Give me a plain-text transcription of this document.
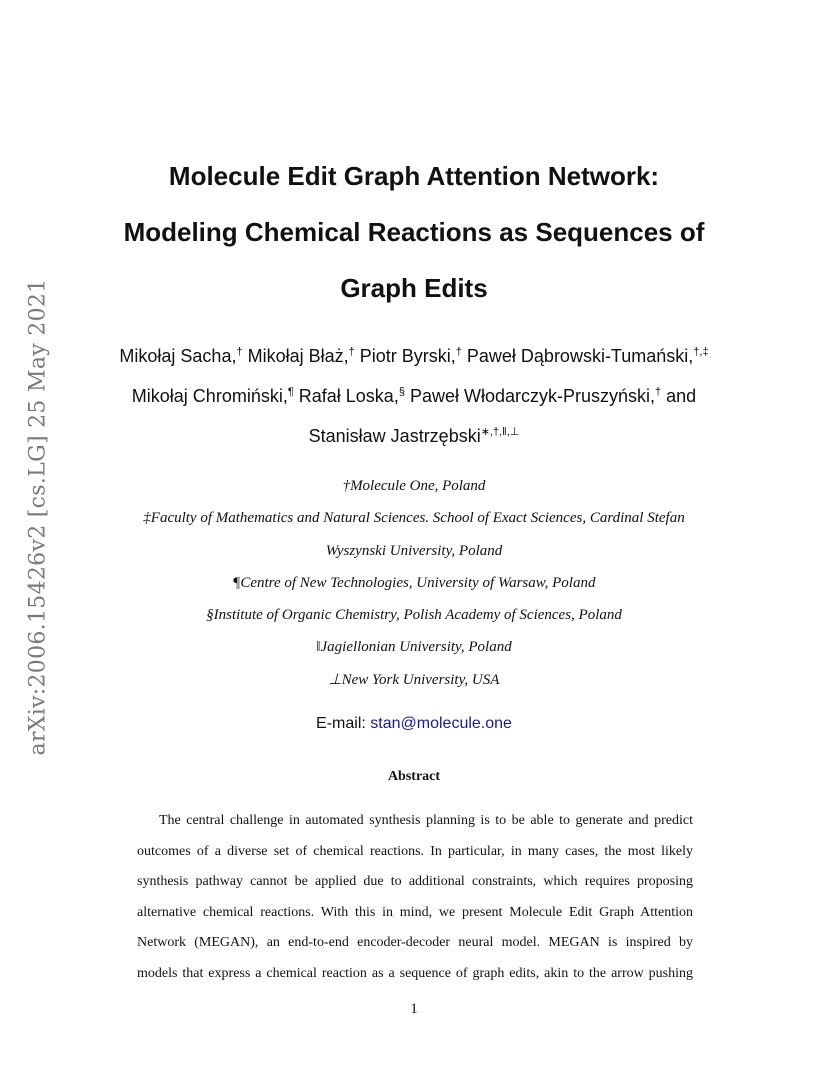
arXiv:2006.15426v2 [cs.LG] 25 May 2021
Molecule Edit Graph Attention Network:
Modeling Chemical Reactions as Sequences of
Graph Edits
Mikołaj Sacha,† Mikołaj Błaż,† Piotr Byrski,† Paweł Dąbrowski-Tumański,†,‡
Mikołaj Chromiński,¶ Rafał Loska,§ Paweł Włodarczyk-Pruszyński,† and
Stanisław Jastrzębski∗,†,‖,⊥
†Molecule One, Poland
‡Faculty of Mathematics and Natural Sciences. School of Exact Sciences, Cardinal Stefan
Wyszynski University, Poland
¶Centre of New Technologies, University of Warsaw, Poland
§Institute of Organic Chemistry, Polish Academy of Sciences, Poland
‖Jagiellonian University, Poland
⊥New York University, USA
E-mail: stan@molecule.one
Abstract
The central challenge in automated synthesis planning is to be able to generate and predict
outcomes of a diverse set of chemical reactions. In particular, in many cases, the most likely
synthesis pathway cannot be applied due to additional constraints, which requires proposing
alternative chemical reactions. With this in mind, we present Molecule Edit Graph Attention
Network (MEGAN), an end-to-end encoder-decoder neural model. MEGAN is inspired by
models that express a chemical reaction as a sequence of graph edits, akin to the arrow pushing
1
